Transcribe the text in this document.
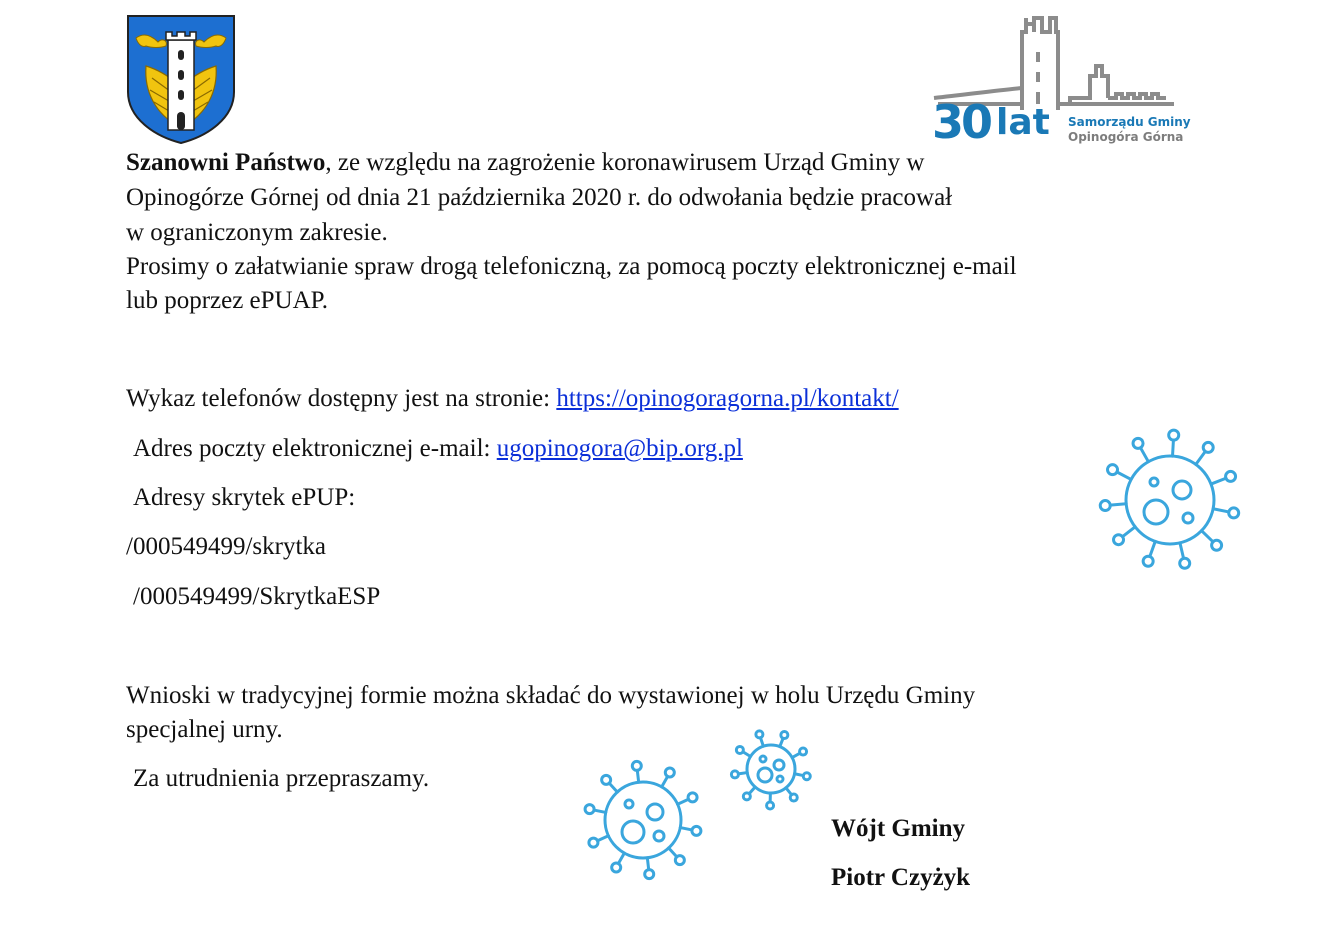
30 lat Samorządu Gminy
Opinogóra Górna
Szanowni Państwo, ze względu na zagrożenie koronawirusem Urząd Gminy w
Opinogórze Górnej od dnia 21 października 2020 r. do odwołania będzie pracował
w ograniczonym zakresie.
Prosimy o załatwianie spraw drogą telefoniczną, za pomocą poczty elektronicznej e-mail
lub poprzez ePUAP.
Wykaz telefonów dostępny jest na stronie: https://opinogoragorna.pl/kontakt/
Adres poczty elektronicznej e-mail: ugopinogora@bip.org.pl
Adresy skrytek ePUP:
/000549499/skrytka
/000549499/SkrytkaESP
Wnioski w tradycyjnej formie można składać do wystawionej w holu Urzędu Gminy
specjalnej urny.
Za utrudnienia przepraszamy.
Wójt Gminy
Piotr Czyżyk
